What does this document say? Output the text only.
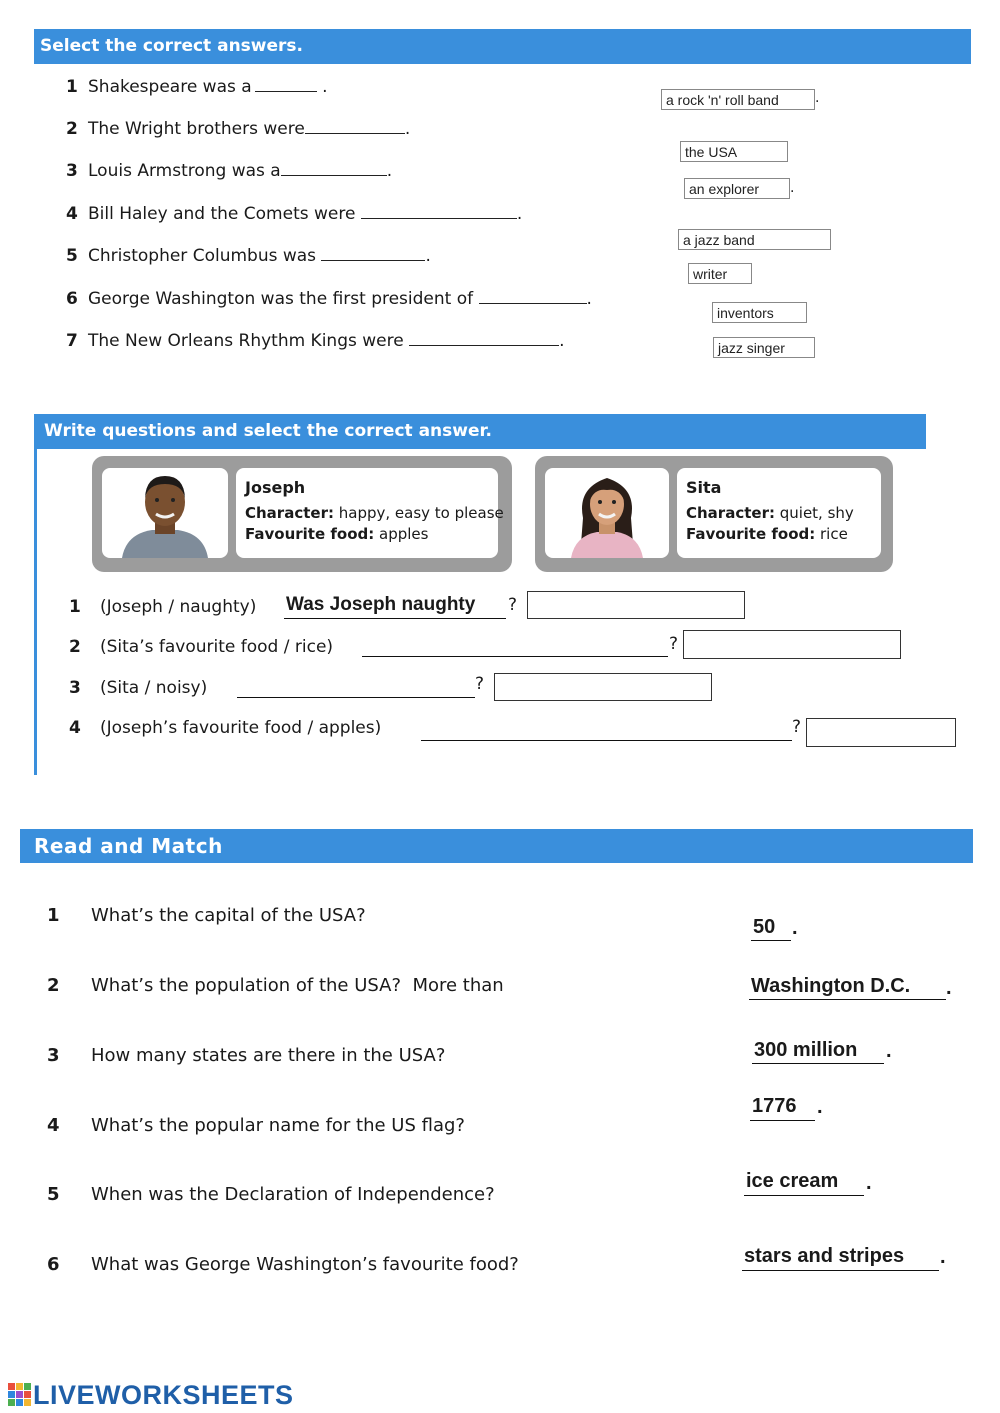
Select the correct answers.
1 Shakespeare was a	.
2 The Wright brothers were	.
3 Louis Armstrong was a	.
4 Bill Haley and the Comets were	.
5 Christopher Columbus was	.
6 George Washington was the first president of	.
7 The New Orleans Rhythm Kings were	.
a rock 'n' roll band	.
the USA
an explorer	.
a jazz band
writer
inventors
jazz singer
Write questions and select the correct answer.
Joseph
Character: happy, easy to please
Favourite food: apples
Sita
Character: quiet, shy
Favourite food: rice
1 (Joseph / naughty) Was Joseph naughty ?
2 (Sita’s favourite food / rice)	?
3 (Sita / noisy)	?
4 (Joseph’s favourite food / apples)	?
Read and Match
1 What’s the capital of the USA?
2 What’s the population of the USA?  More than
3 How many states are there in the USA?
4 What’s the popular name for the US flag?
5 When was the Declaration of Independence?
6 What was George Washington’s favourite food?
50 .
Washington D.C. .
300 million .
1776 .
ice cream .
stars and stripes .
LIVEWORKSHEETS
